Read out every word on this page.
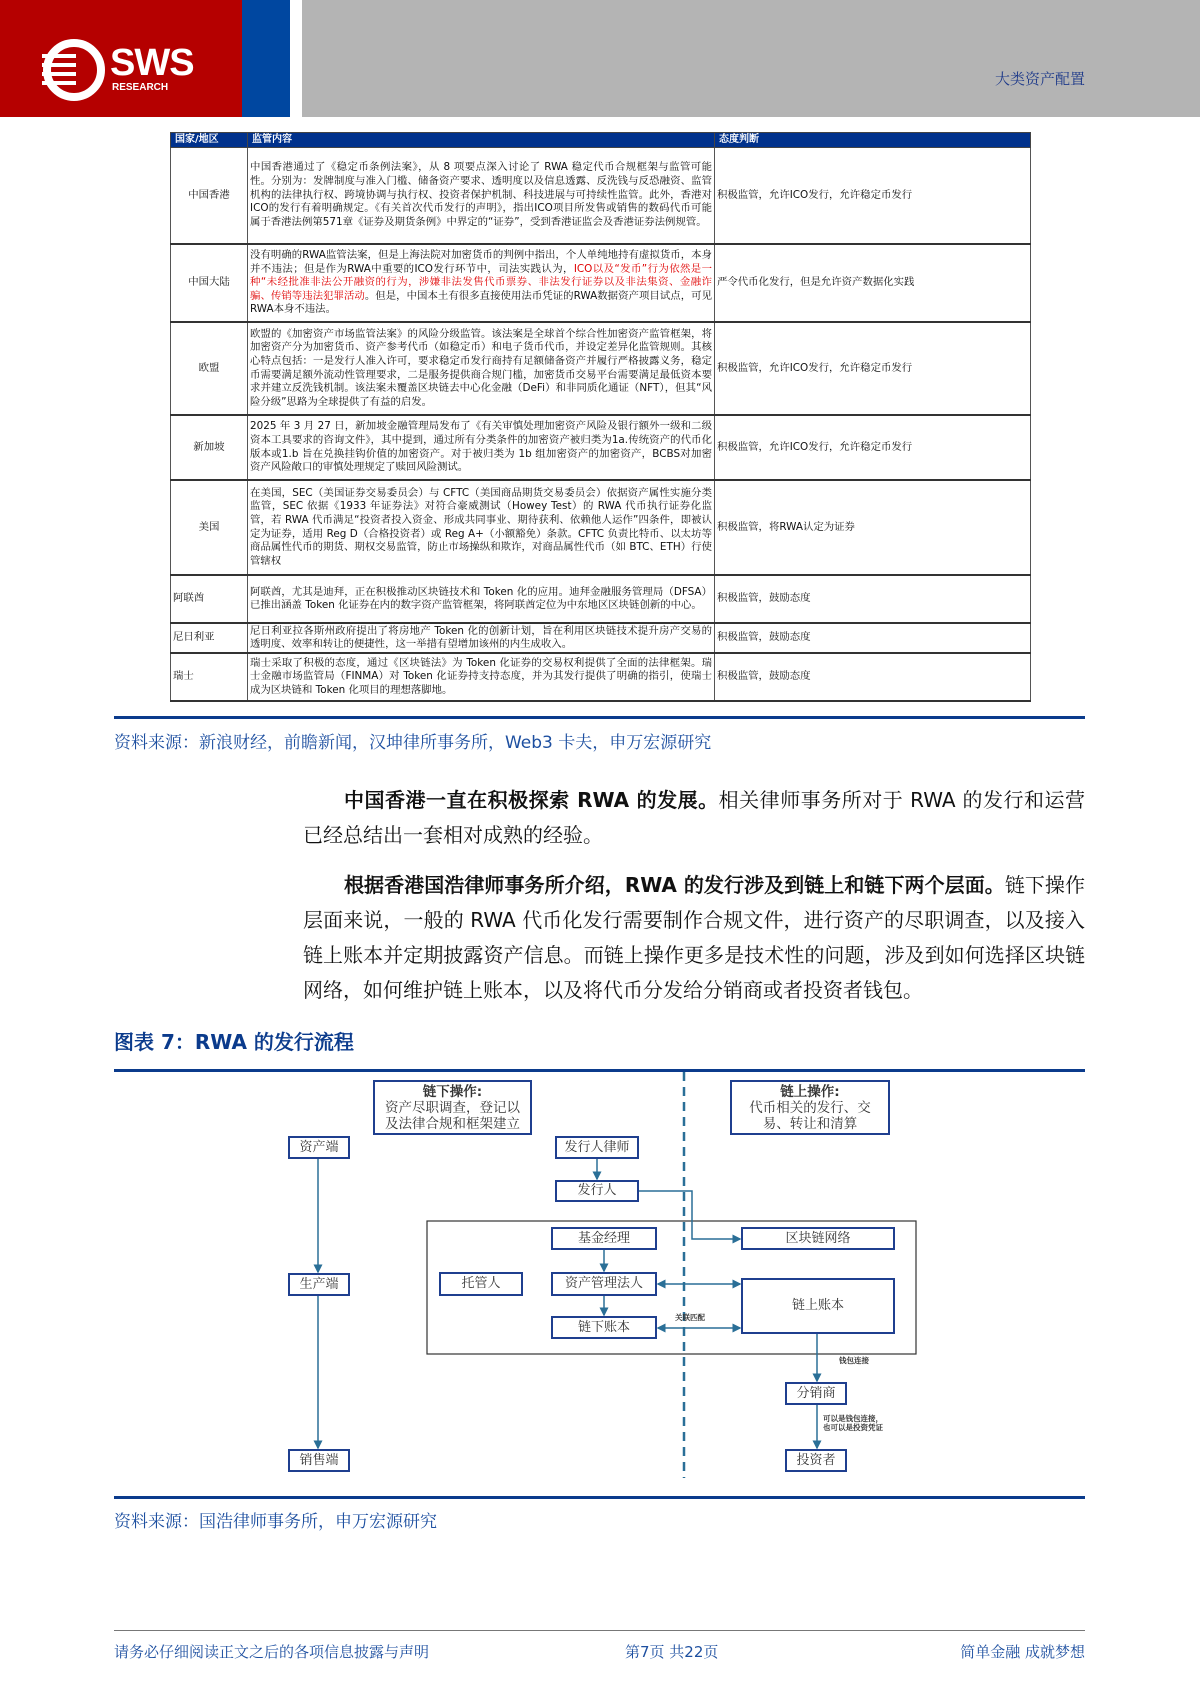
SWS
RESEARCH	大类资产配置
国家/地区	监管内容	态度判断
中国香港	中国香港通过了《稳定币条例法案》，从 8 项要点深入讨论了 RWA 稳定代币合规框架与监管可能性。分别为：发牌制度与准入门槛、储备资产要求、透明度以及信息透露、反洗钱与反恐融资、监管机构的法律执行权、跨境协调与执行权、投资者保护机制、科技进展与可持续性监管。此外，香港对ICO的发行有着明确规定。《有关首次代币发行的声明》，指出ICO项目所发售或销售的数码代币可能属于香港法例第571章《证券及期货条例》中界定的“证券”，受到香港证监会及香港证券法例规管。	积极监管，允许ICO发行，允许稳定币发行
中国大陆	没有明确的RWA监管法案，但是上海法院对加密货币的判例中指出，个人单纯地持有虚拟货币，本身并不违法；但是作为RWA中重要的ICO发行环节中，司法实践认为，ICO以及“发币”行为依然是一种“未经批准非法公开融资的行为，涉嫌非法发售代币票券、非法发行证券以及非法集资、金融诈骗、传销等违法犯罪活动。但是，中国本土有很多直接使用法币凭证的RWA数据资产项目试点，可见RWA本身不违法。	严令代币化发行，但是允许资产数据化实践
欧盟	欧盟的《加密资产市场监管法案》的风险分级监管。该法案是全球首个综合性加密资产监管框架，将加密资产分为加密货币、资产参考代币（如稳定币）和电子货币代币，并设定差异化监管规则。其核心特点包括：一是发行人准入许可，要求稳定币发行商持有足额储备资产并履行严格披露义务，稳定币需要满足额外流动性管理要求，二是服务提供商合规门槛，加密货币交易平台需要满足最低资本要求并建立反洗钱机制。该法案未覆盖区块链去中心化金融（DeFi）和非同质化通证（NFT），但其“风险分级”思路为全球提供了有益的启发。	积极监管，允许ICO发行，允许稳定币发行
新加坡	2025 年 3 月 27 日，新加坡金融管理局发布了《有关审慎处理加密资产风险及银行额外一级和二级资本工具要求的咨询文件》，其中提到，通过所有分类条件的加密资产被归类为1a.传统资产的代币化版本或1.b 旨在兑换挂钩价值的加密资产。对于被归类为 1b 组加密资产的加密资产，BCBS对加密资产风险敞口的审慎处理规定了赎回风险测试。	积极监管，允许ICO发行，允许稳定币发行
美国	在美国，SEC（美国证券交易委员会）与 CFTC（美国商品期货交易委员会）依据资产属性实施分类监管，SEC 依据《1933 年证券法》对符合豪威测试（Howey Test）的 RWA 代币执行证券化监管，若 RWA 代币满足“投资者投入资金、形成共同事业、期待获利、依赖他人运作”四条件，即被认定为证券，适用 Reg D（合格投资者）或 Reg A+（小额豁免）条款。CFTC 负责比特币、以太坊等商品属性代币的期货、期权交易监管，防止市场操纵和欺诈，对商品属性代币（如 BTC、ETH）行使管辖权	积极监管，将RWA认定为证券
阿联酋	阿联酋，尤其是迪拜，正在积极推动区块链技术和 Token 化的应用。迪拜金融服务管理局（DFSA）已推出涵盖 Token 化证券在内的数字资产监管框架，将阿联酋定位为中东地区区块链创新的中心。	积极监管，鼓励态度
尼日利亚	尼日利亚拉各斯州政府提出了将房地产 Token 化的创新计划，旨在利用区块链技术提升房产交易的透明度、效率和转让的便捷性，这一举措有望增加该州的内生成收入。	积极监管，鼓励态度
瑞士	瑞士采取了积极的态度，通过《区块链法》为 Token 化证券的交易权利提供了全面的法律框架。瑞士金融市场监管局（FINMA）对 Token 化证券持支持态度，并为其发行提供了明确的指引，使瑞士成为区块链和 Token 化项目的理想落脚地。	积极监管，鼓励态度
资料来源：新浪财经，前瞻新闻，汉坤律所事务所，Web3 卡夫，申万宏源研究
中国香港一直在积极探索 RWA 的发展。相关律师事务所对于 RWA 的发行和运营已经总结出一套相对成熟的经验。
根据香港国浩律师事务所介绍，RWA 的发行涉及到链上和链下两个层面。链下操作层面来说，一般的 RWA 代币化发行需要制作合规文件，进行资产的尽职调查，以及接入链上账本并定期披露资产信息。而链上操作更多是技术性的问题，涉及到如何选择区块链网络，如何维护链上账本，以及将代币分发给分销商或者投资者钱包。
图表 7：RWA 的发行流程
链下操作:
资产尽职调查，登记以及法律合规和框架建立
链上操作:
代币相关的发行、交易、转让和清算
资产端
生产端
销售端
发行人律师
发行人
基金经理
托管人	资产管理法人
链下账本
区块链网络
链上账本
分销商
投资者
关联匹配
钱包连接
可以是钱包连接，
也可以是投资凭证
资料来源：国浩律师事务所，申万宏源研究
请务必仔细阅读正文之后的各项信息披露与声明	第7页 共22页	简单金融 成就梦想
